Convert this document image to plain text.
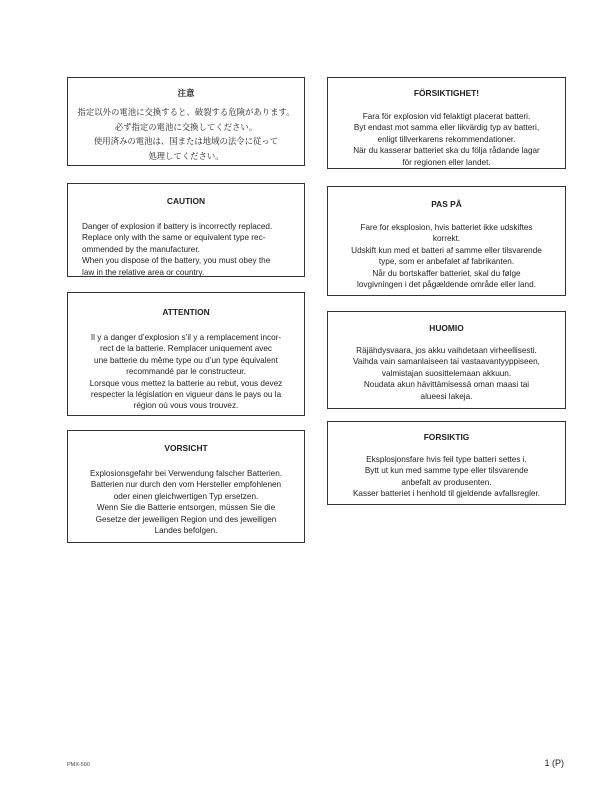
注意
指定以外の電池に交換すると、破裂する危険があります。
必ず指定の電池に交換してください。
使用済みの電池は、国または地域の法令に従って
処理してください。
CAUTION
Danger of explosion if battery is incorrectly replaced.
Replace only with the same or equivalent type rec-
ommended by the manufacturer.
When you dispose of the battery, you must obey the
law in the relative area or country.
ATTENTION
Il y a danger d’explosion s’il y a remplacement incor-
rect de la batterie. Remplacer uniquement avec
une batterie du même type ou d’un type équivalent
recommandé par le constructeur.
Lorsque vous mettez la batterie au rebut, vous devez
respecter la législation en vigueur dans le pays ou la
région où vous vous trouvez.
VORSICHT
Explosionsgefahr bei Verwendung falscher Batterien.
Batterien nur durch den vom Hersteller empfohlenen
oder einen gleichwertigen Typ ersetzen.
Wenn Sie die Batterie entsorgen, müssen Sie die
Gesetze der jeweiligen Region und des jeweiligen
Landes befolgen.
FÖRSIKTIGHET!
Fara för explosion vid felaktigt placerat batteri.
Byt endast mot samma eller likvärdig typ av batteri,
enligt tillverkarens rekommendationer.
När du kasserar batteriet ska du följa rådande lagar
för regionen eller landet.
PAS PÅ
Fare for eksplosion, hvis batteriet ikke udskiftes
korrekt.
Udskift kun med et batteri af samme eller tilsvarende
type, som er anbefalet af fabrikanten.
Når du bortskaffer batteriet, skal du følge
lovgivningen i det pågældende område eller land.
HUOMIO
Räjähdysvaara, jos akku vaihdetaan virheellisesti.
Vaihda vain samanlaiseen tai vastaavantyyppiseen,
valmistajan suosittelemaan akkuun.
Noudata akun hävittämisessä oman maasi tai
alueesi lakeja.
FORSIKTIG
Eksplosjonsfare hvis feil type batteri settes i.
Bytt ut kun med samme type eller tilsvarende
anbefalt av produsenten.
Kasser batteriet i henhold til gjeldende avfallsregler.
PMX-500	1 (P)
